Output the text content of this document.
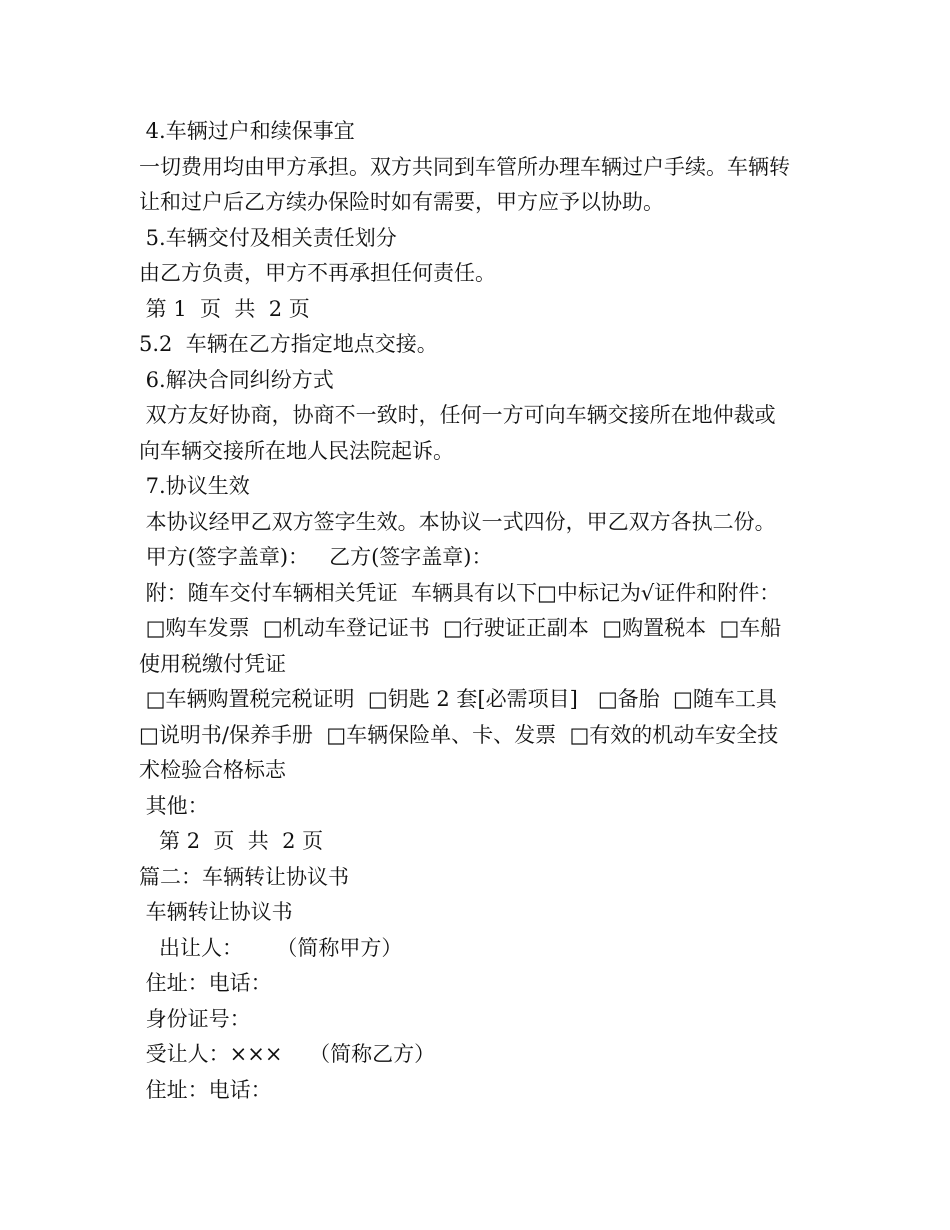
4.车辆过户和续保事宜
一切费用均由甲方承担。双方共同到车管所办理车辆过户手续。车辆转
让和过户后乙方续办保险时如有需要，甲方应予以协助。
5.车辆交付及相关责任划分
由乙方负责，甲方不再承担任何责任。
第 1  页  共  2 页
5.2  车辆在乙方指定地点交接。
6.解决合同纠纷方式
双方友好协商，协商不一致时，任何一方可向车辆交接所在地仲裁或
向车辆交接所在地人民法院起诉。
7.协议生效
本协议经甲乙双方签字生效。本协议一式四份，甲乙双方各执二份。
甲方(签字盖章)：   乙方(签字盖章)：
附：随车交付车辆相关凭证  车辆具有以下□中标记为√证件和附件：
□购车发票  □机动车登记证书  □行驶证正副本  □购置税本  □车船
使用税缴付凭证
□车辆购置税完税证明  □钥匙 2 套[必需项目]   □备胎  □随车工具
□说明书/保养手册  □车辆保险单、卡、发票  □有效的机动车安全技
术检验合格标志
其他：
第 2  页  共  2 页
篇二：车辆转让协议书
车辆转让协议书
出让人：     （简称甲方）
住址：电话：
身份证号：
受让人：×××    （简称乙方）
住址：电话：
